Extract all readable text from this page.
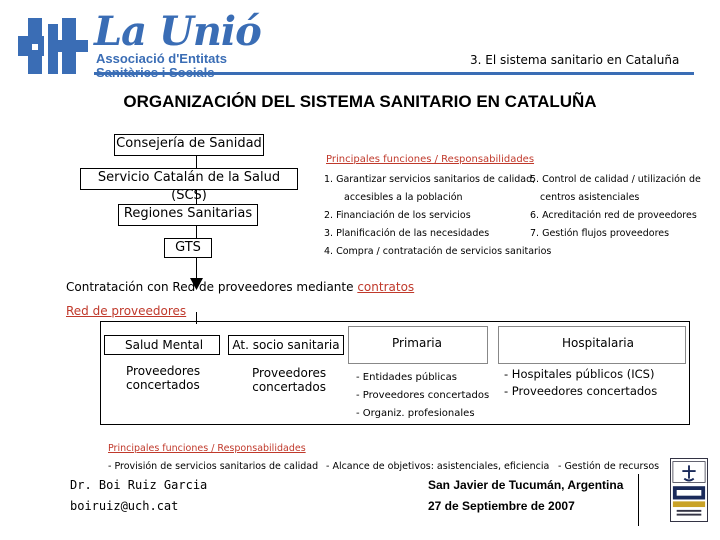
La Unió
Associació d'Entitats	3. El sistema sanitario en Cataluña
ORGANIZACIÓN DEL SISTEMA SANITARIO EN CATALUÑA
Consejería de Sanidad
Servicio Catalán de la Salud (SCS)
Regiones Sanitarias
GTS
Principales funciones / Responsabilidades
1. Garantizar servicios sanitarios de calidad,
accesibles a la población
5. Control de calidad / utilización de
centros asistenciales
2. Financiación de los servicios	6. Acreditación red de proveedores
3. Planificación de las necesidades	7. Gestión flujos proveedores
4. Compra / contratación de servicios sanitarios
Contratación con Red de proveedores mediante contratos
Red de proveedores
Salud Mental	At. socio sanitaria
Proveedores
concertados
Proveedores
concertados
Primaria	Hospitalaria
- Entidades públicas
- Proveedores concertados
- Organiz. profesionales
- Hospitales públicos (ICS)
- Proveedores concertados
Principales funciones / Responsabilidades
- Provisión de servicios sanitarios de calidad - Alcance de objetivos: asistenciales, eficiencia - Gestión de recursos
Dr. Boi Ruiz Garcia
boiruiz@uch.cat
San Javier de Tucumán, Argentina
27 de Septiembre de 2007
